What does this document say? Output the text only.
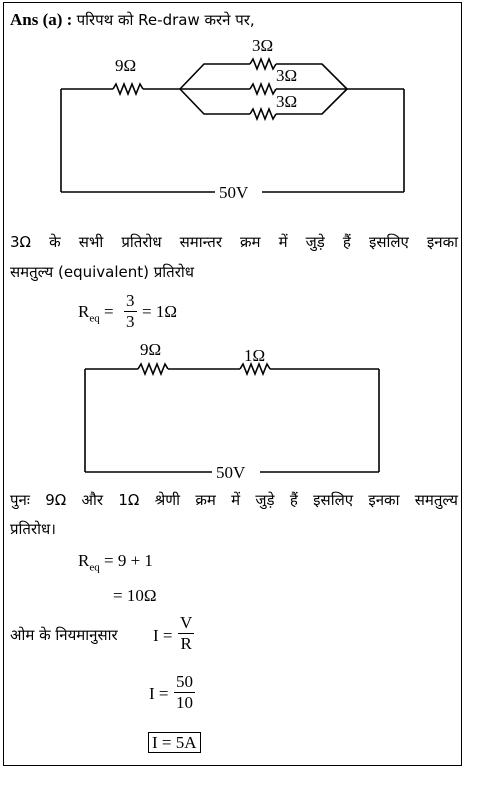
Ans (a) : परिपथ को Re-draw करने पर,
9Ω
3Ω
3Ω
3Ω
50V
3Ω के सभी प्रतिरोध समान्तर क्रम में जुड़े हैं इसलिए इनका
समतुल्य (equivalent) प्रतिरोध
$R_{eq} = \frac{3}{3} = 1\Omega$
9Ω	1Ω
50V
पुनः 9Ω और 1Ω श्रेणी क्रम में जुड़े हैं इसलिए इनका समतुल्य
प्रतिरोध।
$R_{eq} = 9 + 1$
= 10Ω
ओम के नियमानुसार $I = \frac{V}{R}$
$I = \frac{50}{10}$
I = 5A
